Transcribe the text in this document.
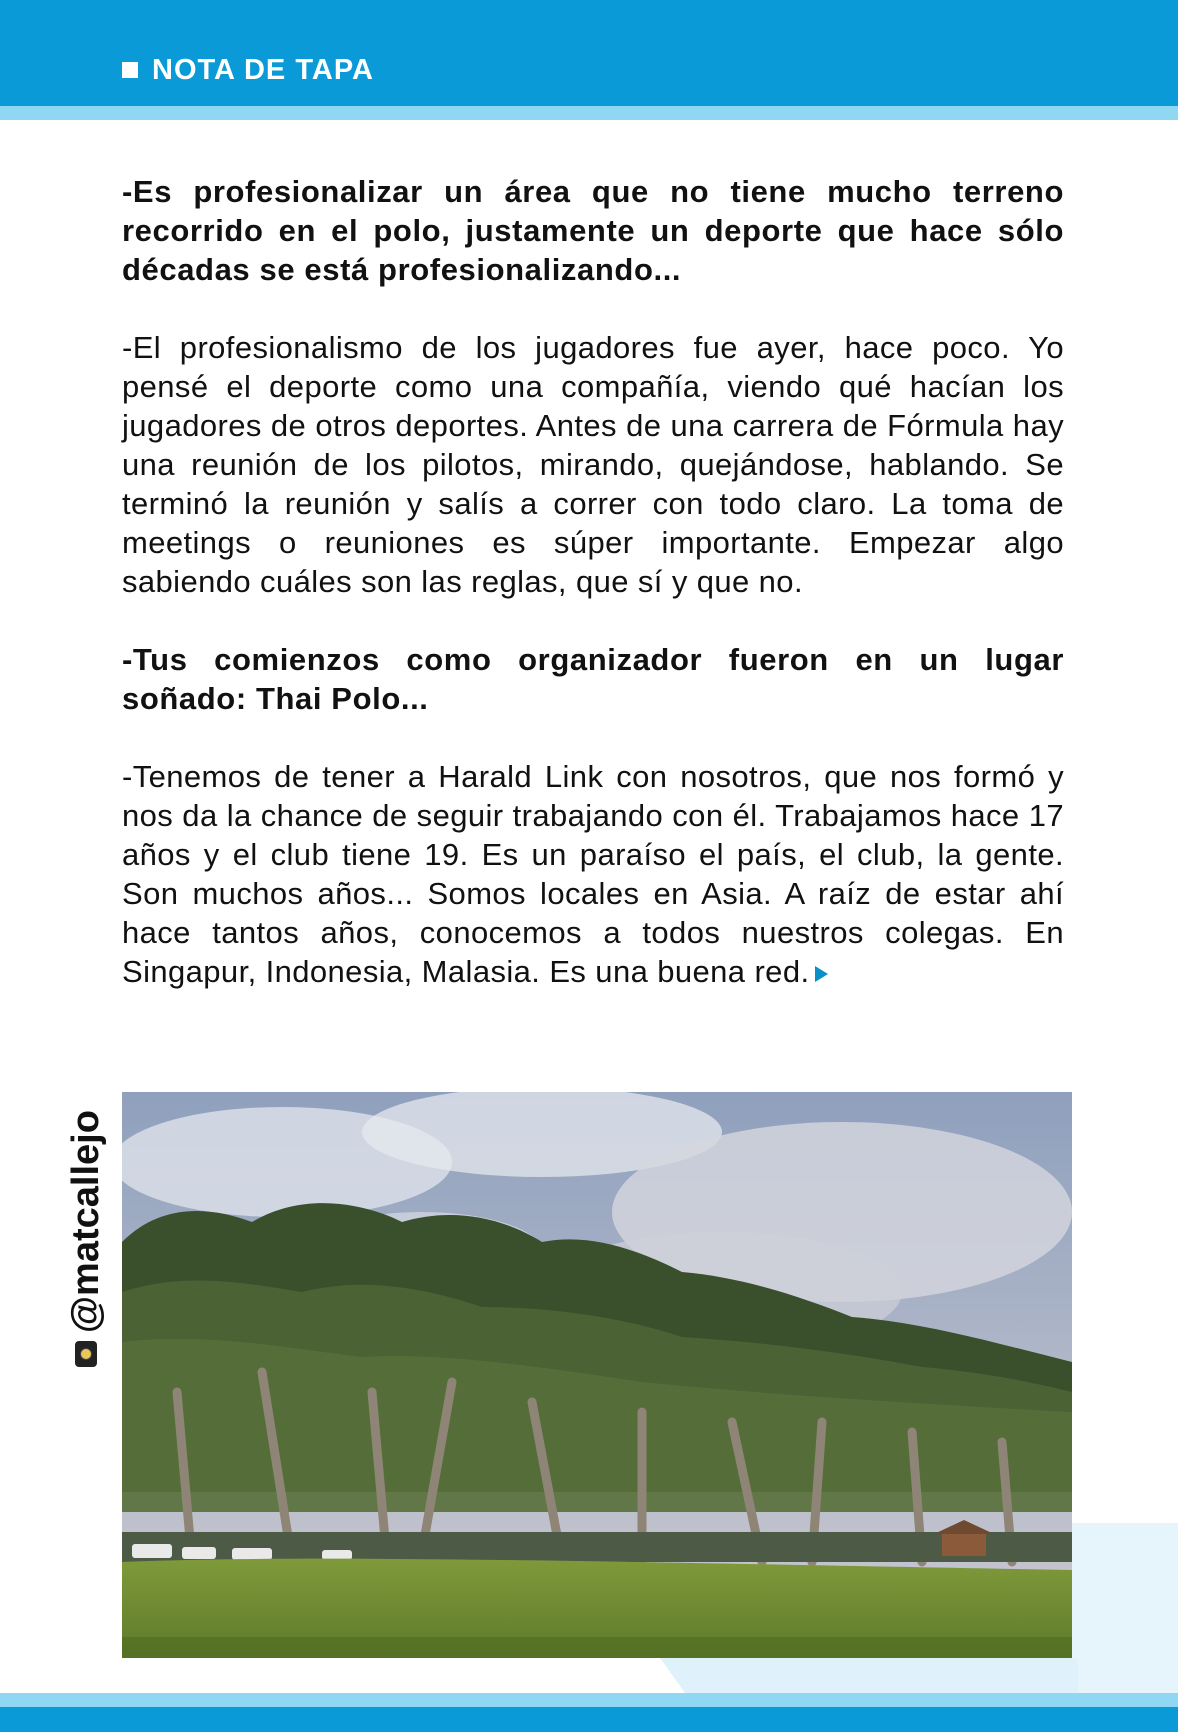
NOTA DE TAPA

-Es profesionalizar un área que no tiene mucho terreno recorrido en el polo, justamente un deporte que hace sólo décadas se está profesionalizando...

-El profesionalismo de los jugadores fue ayer, hace poco. Yo pensé el deporte como una compañía, viendo qué hacían los jugadores de otros deportes. Antes de una carrera de Fórmula hay una reunión de los pilotos, mirando, quejándose, hablando. Se terminó la reunión y salís a correr con todo claro. La toma de meetings o reuniones es súper importante. Empezar algo sabiendo cuáles son las reglas, que sí y que no.

-Tus comienzos como organizador fueron en un lugar soñado: Thai Polo...

-Tenemos de tener a Harald Link con nosotros, que nos formó y nos da la chance de seguir trabajando con él. Trabajamos hace 17 años y el club tiene 19. Es un paraíso el país, el club, la gente. Son muchos años... Somos locales en Asia. A raíz de estar ahí hace tantos años, conocemos a todos nuestros colegas. En Singapur, Indonesia, Malasia. Es una buena red.

@matcallejo
